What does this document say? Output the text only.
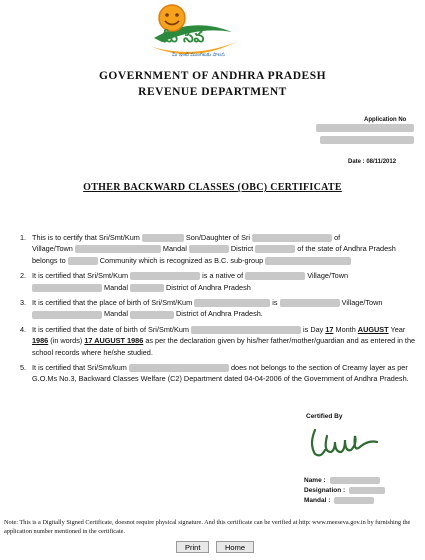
మీ సేవ
మీ ఇంటి ముంగిటకు పాలన
GOVERNMENT OF ANDHRA PRADESH
REVENUE DEPARTMENT
Application No
Date : 08/11/2012
OTHER BACKWARD CLASSES (OBC) CERTIFICATE
1. This is to certify that Sri/Smt/Kum	Son/Daughter of Sri	of
Village/Town	Mandal	District	of the state of Andhra Pradesh
belongs to	Community which is recognized as B.C. sub-group
2. It is certified that Sri/Smt/Kum	is a native of	Village/Town
Mandal	District of Andhra Pradesh
3. It is certified that the place of birth of Sri/Smt/Kum	is	Village/Town
Mandal	District of Andhra Pradesh.
4. It is certified that the date of birth of Sri/Smt/Kum	is Day 17 Month AUGUST Year
1986 (in words) 17 AUGUST 1986 as per the declaration given by his/her father/mother/guardian and as entered in the school records where he/she studied.
5. It is certified that Sri/Smt/kum	does not belongs to the section of Creamy layer as per G.O.Ms No.3, Backward Classes Welfare (C2) Department dated 04-04-2006 of the Government of Andhra Pradesh.
Certified By
Name :
Designation :
Mandal :
Note: This is a Digitally Signed Certificate, doesnot require physical signature. And this certificate can be verified at http: www.meeseva.gov.in by furnishing the application number mentioned in the certificate.
Print	Home
